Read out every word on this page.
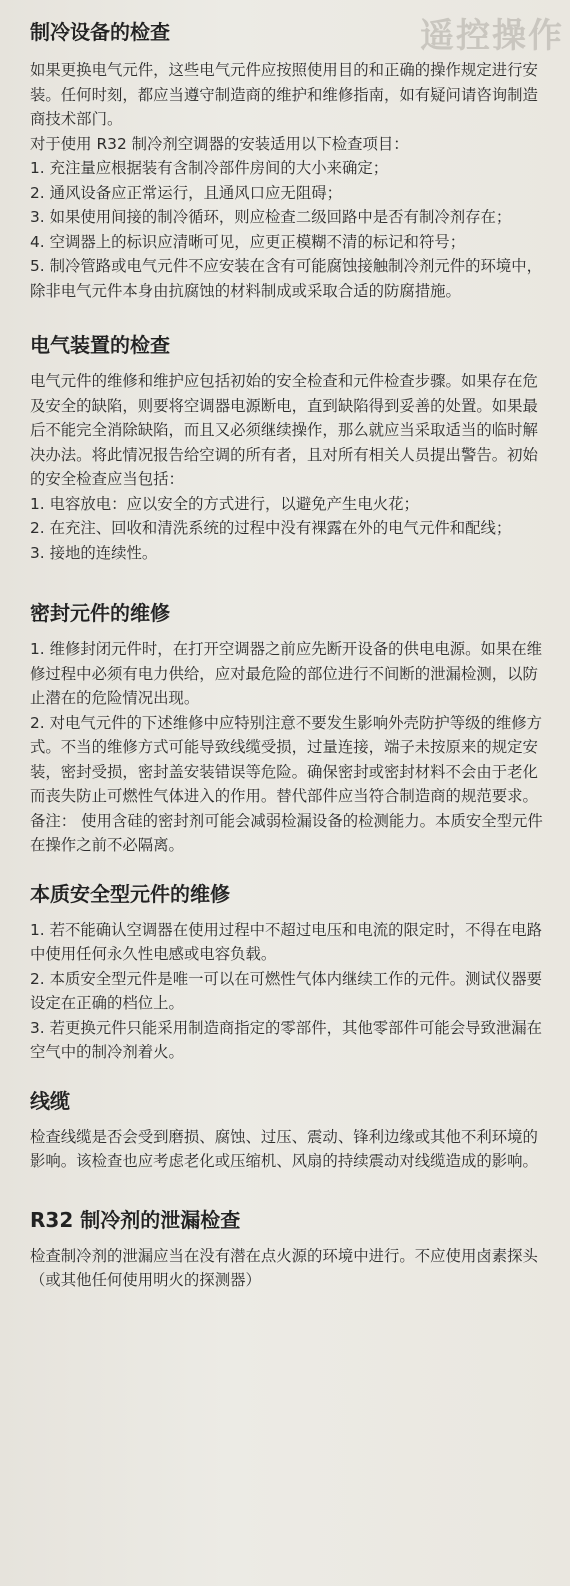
遥控操作
制冷设备的检查

如果更换电气元件，这些电气元件应按照使用目的和正确的操作规定进行安装。任何时刻，都应当遵守制造商的维护和维修指南，如有疑问请咨询制造商技术部门。

对于使用 R32 制冷剂空调器的安装适用以下检查项目：

1. 充注量应根据装有含制冷部件房间的大小来确定；

2. 通风设备应正常运行，且通风口应无阻碍；

3. 如果使用间接的制冷循环，则应检查二级回路中是否有制冷剂存在；

4. 空调器上的标识应清晰可见，应更正模糊不清的标记和符号；

5. 制冷管路或电气元件不应安装在含有可能腐蚀接触制冷剂元件的环境中，除非电气元件本身由抗腐蚀的材料制成或采取合适的防腐措施。

电气装置的检查

电气元件的维修和维护应包括初始的安全检查和元件检查步骤。如果存在危及安全的缺陷，则要将空调器电源断电，直到缺陷得到妥善的处置。如果最后不能完全消除缺陷，而且又必须继续操作，那么就应当采取适当的临时解决办法。将此情况报告给空调的所有者，且对所有相关人员提出警告。初始的安全检查应当包括：

1. 电容放电：应以安全的方式进行，以避免产生电火花；

2. 在充注、回收和清洗系统的过程中没有裸露在外的电气元件和配线；

3. 接地的连续性。

密封元件的维修

1. 维修封闭元件时，在打开空调器之前应先断开设备的供电电源。如果在维修过程中必须有电力供给，应对最危险的部位进行不间断的泄漏检测，以防止潜在的危险情况出现。

2. 对电气元件的下述维修中应特别注意不要发生影响外壳防护等级的维修方式。不当的维修方式可能导致线缆受损，过量连接，端子未按原来的规定安装，密封受损，密封盖安装错误等危险。确保密封或密封材料不会由于老化而丧失防止可燃性气体进入的作用。替代部件应当符合制造商的规范要求。

备注： 使用含硅的密封剂可能会减弱检漏设备的检测能力。本质安全型元件在操作之前不必隔离。

本质安全型元件的维修

1. 若不能确认空调器在使用过程中不超过电压和电流的限定时，不得在电路中使用任何永久性电感或电容负载。

2. 本质安全型元件是唯一可以在可燃性气体内继续工作的元件。测试仪器要设定在正确的档位上。

3. 若更换元件只能采用制造商指定的零部件，其他零部件可能会导致泄漏在空气中的制冷剂着火。

线缆

检查线缆是否会受到磨损、腐蚀、过压、震动、锋利边缘或其他不利环境的影响。该检查也应考虑老化或压缩机、风扇的持续震动对线缆造成的影响。

R32 制冷剂的泄漏检查

检查制冷剂的泄漏应当在没有潜在点火源的环境中进行。不应使用卤素探头（或其他任何使用明火的探测器）
